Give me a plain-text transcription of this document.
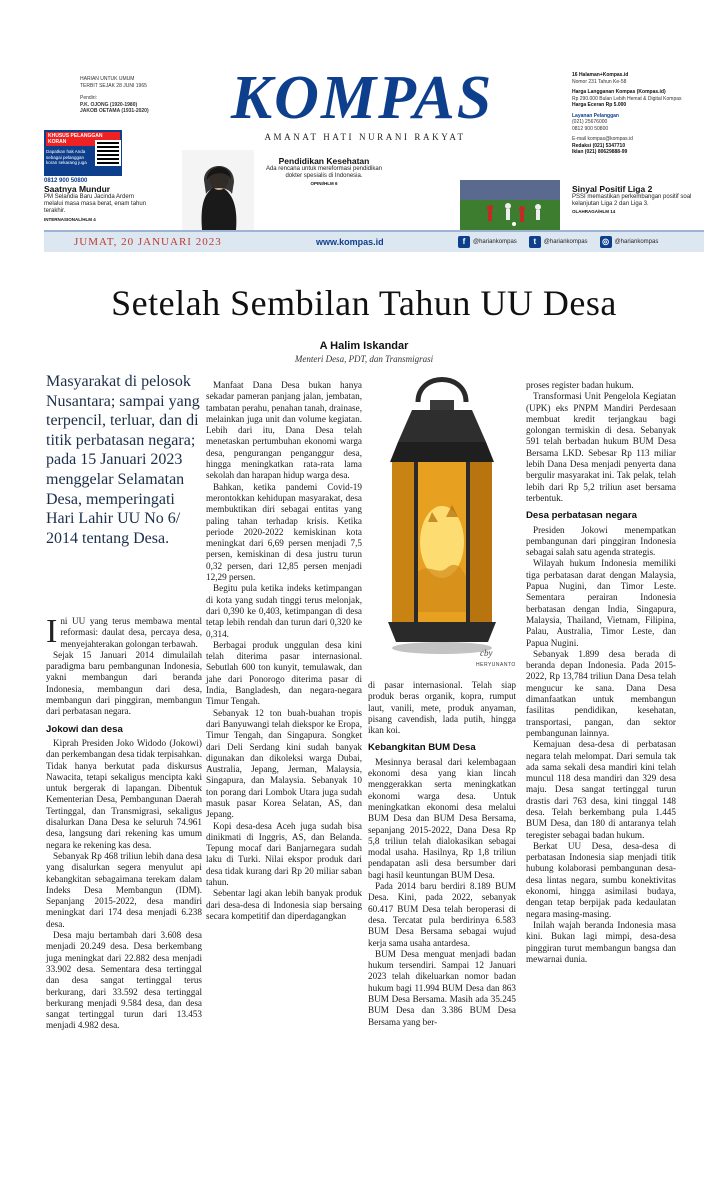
HARIAN UNTUK UMUM
TERBIT SEJAK 28 JUNI 1965
Pendiri:
P.K. OJONG (1920-1980)
JAKOB OETAMA (1931-2020)	KOMPAS
AMANAT HATI NURANI RAKYAT
16 Halaman+Kompas.id
Nomor 231 Tahun Ke-58
Harga Langganan Kompas (Kompas.id)
Rp 290.000 Bulan Lebih Hemat & Digital Kompas
Harga Eceran Rp 5.000
Layanan Pelanggan
(021) 25676000
0812 900 50800
E-mail kompas@kompas.id
Redaksi (021) 5347710
Iklan (021) 80629888-99
KHUSUS PELANGGAN KORAN
Dapatkan hak Anda sebagai pelanggan koran sekarang juga
0812 900 50800
Saatnya Mundur
PM Selandia Baru Jacinda Ardern melalui masa masa berat, enam tahun terakhir.
INTERNASIONAL/HLM 4
Pendidikan Kesehatan
Ada rencana untuk mereformasi pendidikan dokter spesialis di Indonesia.
OPINI/HLM 6
Sinyal Positif Liga 2
PSSI memastikan perkembangan positif soal kelanjutan Liga 2 dan Liga 3.
OLAHRAGA/HLM 14
JUMAT, 20 JANUARI 2023	www.kompas.id	f	@hariankompas	t	@hariankompas	◎ @hariankompas
Setelah Sembilan Tahun UU Desa
A Halim Iskandar
Menteri Desa, PDT, dan Transmigrasi
Masyarakat di pelosok Nusantara; sampai yang terpencil, terluar, dan di titik perbatasan negara; pada 15 Januari 2023 menggelar Selamatan Desa, memperingati Hari Lahir UU No 6/ 2014 tentang Desa.

Ini UU yang terus membawa mental reformasi: daulat desa, percaya desa, menyejahterakan golongan terbawah.

Sejak 15 Januari 2014 dimulailah paradigma baru pembangunan Indonesia, yakni membangun dari beranda Indonesia, membangun dari desa, membangun dari pinggiran, membangun dari perbatasan negara.

Jokowi dan desa

Kiprah Presiden Joko Widodo (Jokowi) dan perkembangan desa tidak terpisahkan. Tidak hanya berkutat pada diskursus Nawacita, tetapi sekaligus mencipta kaki untuk bergerak di lapangan. Dibentuk Kementerian Desa, Pembangunan Daerah Tertinggal, dan Transmigrasi, sekaligus disalurkan Dana Desa ke seluruh 74.961 desa, langsung dari rekening kas umum negara ke rekening kas desa.

Sebanyak Rp 468 triliun lebih dana desa yang disalurkan segera menyulut api kebangkitan sebagaimana terekam dalam Indeks Desa Membangun (IDM). Sepanjang 2015-2022, desa mandiri meningkat dari 174 desa menjadi 6.238 desa.

Desa maju bertambah dari 3.608 desa menjadi 20.249 desa. Desa berkembang juga meningkat dari 22.882 desa menjadi 33.902 desa. Sementara desa tertinggal dan desa sangat tertinggal terus berkurang, dari 33.592 desa tertinggal berkurang menjadi 9.584 desa, dan desa sangat tertinggal turun dari 13.453 menjadi 4.982 desa.

Manfaat Dana Desa bukan hanya sekadar pameran panjang jalan, jembatan, tambatan perahu, penahan tanah, drainase, melainkan juga unit dan volume kegiatan. Lebih dari itu, Dana Desa telah menetaskan pertumbuhan ekonomi warga desa, pengurangan penganggur desa, hingga meningkatkan rata-rata lama sekolah dan harapan hidup warga desa.

Bahkan, ketika pandemi Covid-19 merontokkan kehidupan masyarakat, desa membuktikan diri sebagai entitas yang paling tahan terhadap krisis. Ketika periode 2020-2022 kemiskinan kota meningkat dari 6,69 persen menjadi 7,5 persen, kemiskinan di desa justru turun 0,32 persen, dari 12,85 persen menjadi 12,29 persen.

Begitu pula ketika indeks ketimpangan di kota yang sudah tinggi terus melonjak, dari 0,390 ke 0,403, ketimpangan di desa tetap lebih rendah dan turun dari 0,320 ke 0,314.

Berbagai produk unggulan desa kini telah diterima pasar internasional. Sebutlah 600 ton kunyit, temulawak, dan jahe dari Ponorogo diterima pasar di India, Bangladesh, dan negara-negara Timur Tengah.

Sebanyak 12 ton buah-buahan tropis dari Banyuwangi telah diekspor ke Eropa, Timur Tengah, dan Singapura. Songket dari Deli Serdang kini sudah banyak digunakan dan dikoleksi warga Dubai, Australia, Jepang, Jerman, Malaysia, Singapura, dan Malaysia. Sebanyak 10 ton porang dari Lombok Utara juga sudah masuk pasar Korea Selatan, AS, dan Jepang.

Kopi desa-desa Aceh juga sudah bisa dinikmati di Inggris, AS, dan Belanda. Tepung mocaf dari Banjarnegara sudah laku di Turki. Nilai ekspor produk dari desa tidak kurang dari Rp 20 miliar saban tahun.

Sebentar lagi akan lebih banyak produk dari desa-desa di Indonesia siap bersaing secara kompetitif dan diperdagangkan

cby
HERYUNANTO

di pasar internasional. Telah siap produk beras organik, kopra, rumput laut, vanili, mete, produk anyaman, pisang cavendish, lada putih, hingga ikan koi.

Kebangkitan BUM Desa

Mesinnya berasal dari kelembagaan ekonomi desa yang kian lincah menggerakkan serta meningkatkan ekonomi warga desa. Untuk meningkatkan ekonomi desa melalui BUM Desa dan BUM Desa Bersama, sepanjang 2015-2022, Dana Desa Rp 5,8 triliun telah dialokasikan sebagai modal usaha. Hasilnya, Rp 1,8 triliun pendapatan asli desa bersumber dari bagi hasil keuntungan BUM Desa.

Pada 2014 baru berdiri 8.189 BUM Desa. Kini, pada 2022, sebanyak 60.417 BUM Desa telah beroperasi di desa. Tercatat pula berdirinya 6.583 BUM Desa Bersama sebagai wujud kerja sama usaha antardesa.

BUM Desa menguat menjadi badan hukum tersendiri. Sampai 12 Januari 2023 telah dikeluarkan nomor badan hukum bagi 11.994 BUM Desa dan 863 BUM Desa Bersama. Masih ada 35.245 BUM Desa dan 3.386 BUM Desa Bersama yang ber-

proses register badan hukum.

Transformasi Unit Pengelola Kegiatan (UPK) eks PNPM Mandiri Perdesaan membuat kredit terjangkau bagi golongan termiskin di desa. Sebanyak 591 telah berbadan hukum BUM Desa Bersama LKD. Sebesar Rp 113 miliar lebih Dana Desa menjadi penyerta dana bergulir masyarakat ini. Tak pelak, telah lebih dari Rp 5,2 triliun aset bersama terbentuk.

Desa perbatasan negara

Presiden Jokowi menempatkan pembangunan dari pinggiran Indonesia sebagai salah satu agenda strategis.

Wilayah hukum Indonesia memiliki tiga perbatasan darat dengan Malaysia, Papua Nugini, dan Timor Leste. Sementara perairan Indonesia berbatasan dengan India, Singapura, Malaysia, Thailand, Vietnam, Filipina, Palau, Australia, Timor Leste, dan Papua Nugini.

Sebanyak 1.899 desa berada di beranda depan Indonesia. Pada 2015-2022, Rp 13,784 triliun Dana Desa telah mengucur ke sana. Dana Desa dimanfaatkan untuk membangun fasilitas pendidikan, kesehatan, transportasi, pangan, dan sektor pembangunan lainnya.

Kemajuan desa-desa di perbatasan negara telah melompat. Dari semula tak ada sama sekali desa mandiri kini telah muncul 118 desa mandiri dan 329 desa maju. Desa sangat tertinggal turun drastis dari 763 desa, kini tinggal 148 desa. Telah berkembang pula 1.445 BUM Desa, dan 180 di antaranya telah teregister sebagai badan hukum.

Berkat UU Desa, desa-desa di perbatasan Indonesia siap menjadi titik hubung kolaborasi pembangunan desa-desa lintas negara, sumbu konektivitas ekonomi, hingga asimilasi budaya, dengan tetap berpijak pada kedaulatan negara masing-masing.

Inilah wajah beranda Indonesia masa kini. Bukan lagi mimpi, desa-desa pinggiran turut membangun bangsa dan mewarnai dunia.
